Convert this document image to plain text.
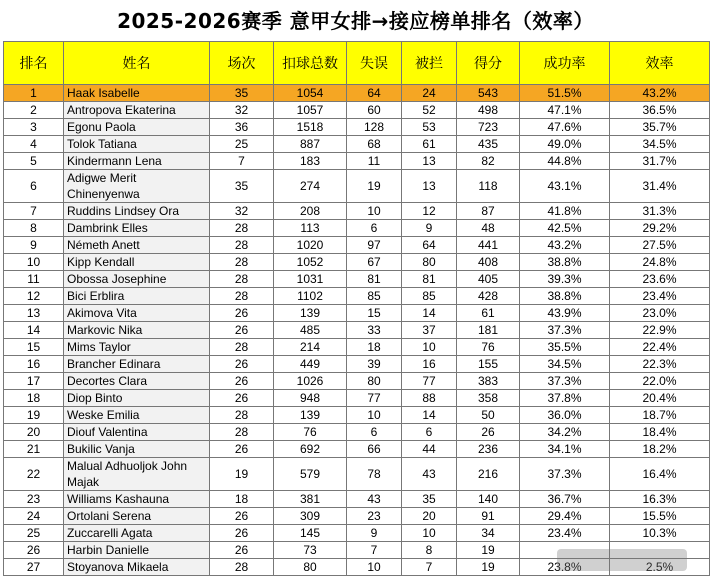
2025-2026赛季 意甲女排→接应榜单排名（效率）
排名	姓名	场次	扣球总数	失误	被拦	得分	成功率	效率
1	Haak Isabelle	35	1054	64	24	543	51.5%	43.2%
2	Antropova Ekaterina	32	1057	60	52	498	47.1%	36.5%
3	Egonu Paola	36	1518	128	53	723	47.6%	35.7%
4	Tolok Tatiana	25	887	68	61	435	49.0%	34.5%
5	Kindermann Lena	7	183	11	13	82	44.8%	31.7%
6	Adigwe Merit Chinenyenwa	35	274	19	13	118	43.1%	31.4%
7	Ruddins Lindsey Ora	32	208	10	12	87	41.8%	31.3%
8	Dambrink Elles	28	113	6	9	48	42.5%	29.2%
9	Németh Anett	28	1020	97	64	441	43.2%	27.5%
10	Kipp Kendall	28	1052	67	80	408	38.8%	24.8%
11	Obossa Josephine	28	1031	81	81	405	39.3%	23.6%
12	Bici Erblira	28	1102	85	85	428	38.8%	23.4%
13	Akimova Vita	26	139	15	14	61	43.9%	23.0%
14	Markovic Nika	26	485	33	37	181	37.3%	22.9%
15	Mims Taylor	28	214	18	10	76	35.5%	22.4%
16	Brancher Edinara	26	449	39	16	155	34.5%	22.3%
17	Decortes Clara	26	1026	80	77	383	37.3%	22.0%
18	Diop Binto	26	948	77	88	358	37.8%	20.4%
19	Weske Emilia	28	139	10	14	50	36.0%	18.7%
20	Diouf Valentina	28	76	6	6	26	34.2%	18.4%
21	Bukilic Vanja	26	692	66	44	236	34.1%	18.2%
22	Malual Adhuoljok John Majak	19	579	78	43	216	37.3%	16.4%
23	Williams Kashauna	18	381	43	35	140	36.7%	16.3%
24	Ortolani Serena	26	309	23	20	91	29.4%	15.5%
25	Zuccarelli Agata	26	145	9	10	34	23.4%	10.3%
26	Harbin Danielle	26	73	7	8	19		
27	Stoyanova Mikaela	28	80	10	7	19	23.8%	2.5%
